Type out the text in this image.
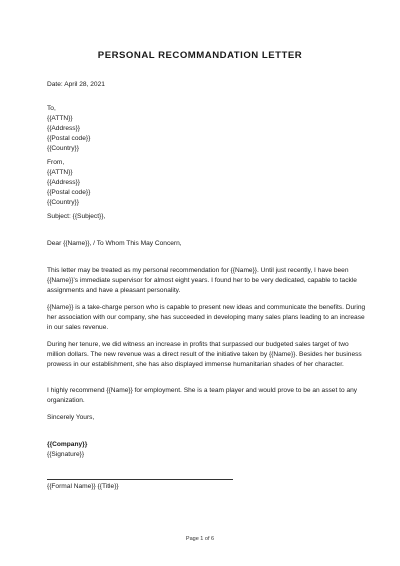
PERSONAL RECOMMANDATION LETTER
Date: April 28, 2021
To,
{{ATTN}}
{{Address}}
{{Postal code}}
{{Country}}
From,
{{ATTN}}
{{Address}}
{{Postal code}}
{{Country}}
Subject: {{Subject}},
Dear {{Name}}, / To Whom This May Concern,
This letter may be treated as my personal recommendation for {{Name}}. Until just recently, I have been {{Name}}’s immediate supervisor for almost eight years. I found her to be very dedicated, capable to tackle assignments and have a pleasant personality.
{{Name}} is a take-charge person who is capable to present new ideas and communicate the benefits. During her association with our company, she has succeeded in developing many sales plans leading to an increase in our sales revenue.
During her tenure, we did witness an increase in profits that surpassed our budgeted sales target of two million dollars. The new revenue was a direct result of the initiative taken by {{Name}}. Besides her business prowess in our establishment, she has also displayed immense humanitarian shades of her character.
I highly recommend {{Name}} for employment. She is a team player and would prove to be an asset to any organization.
Sincerely Yours,
{{Company}}
{{Signature}}
{{Formal Name}} {{Title}}
Page 1 of 6
